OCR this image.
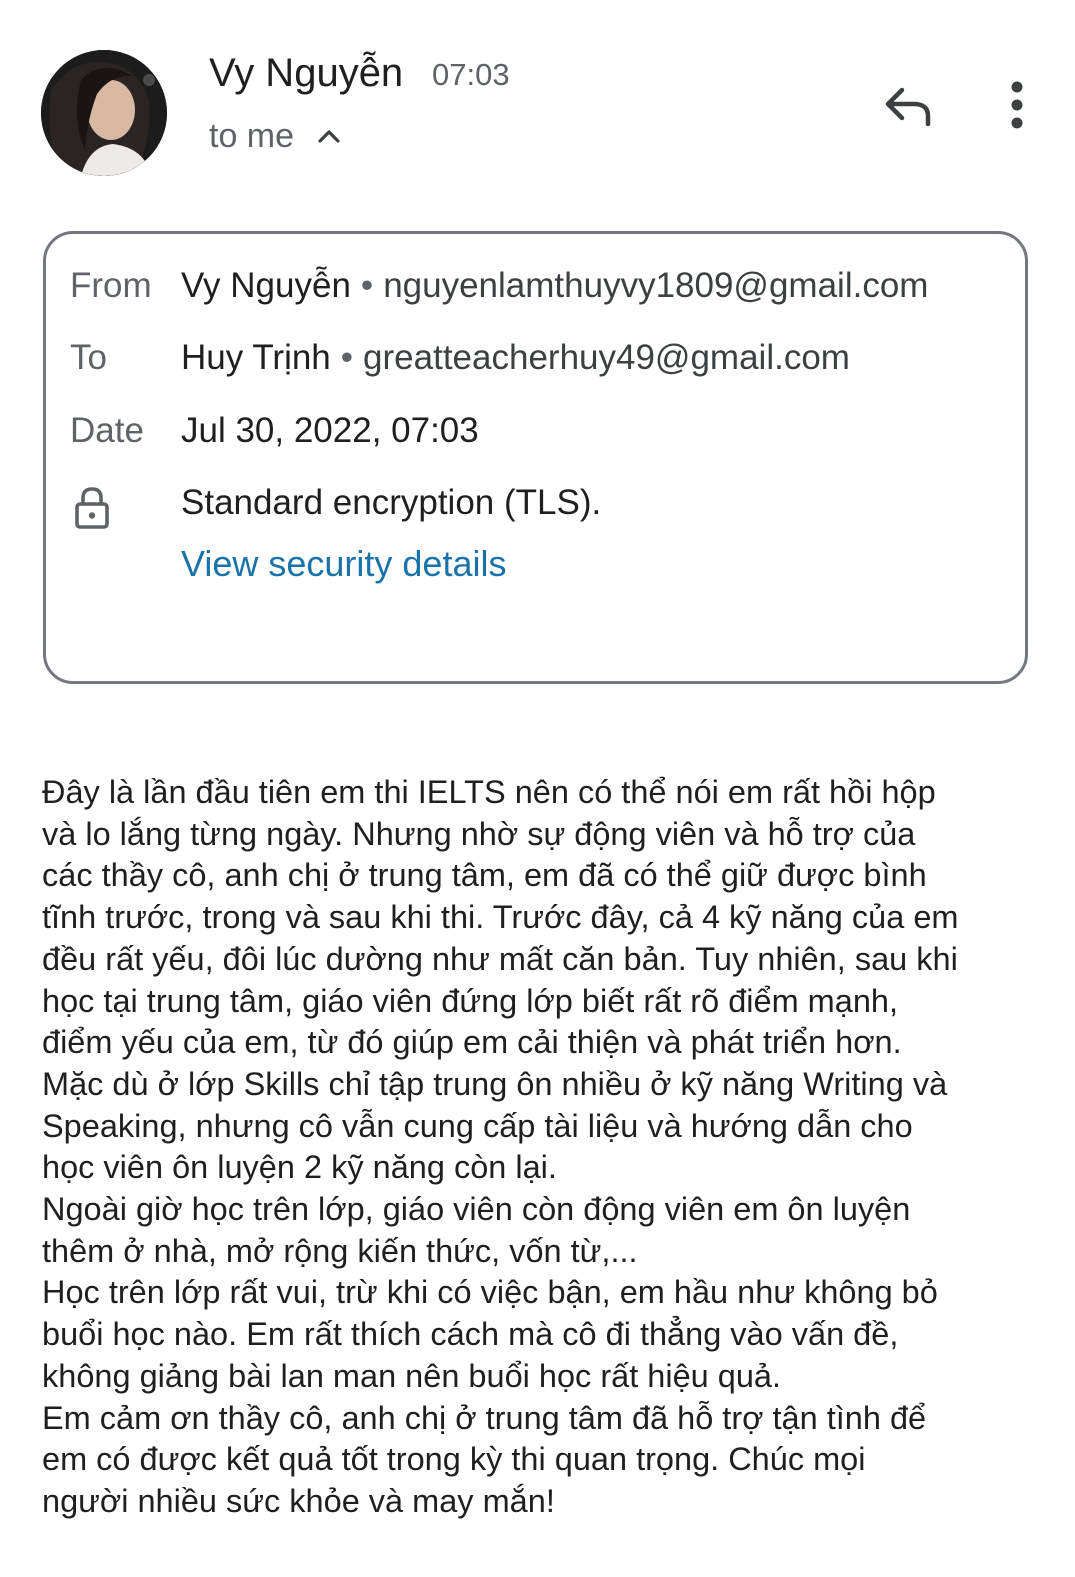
Vy Nguyễn 07:03
to me
From Vy Nguyễn • nguyenlamthuyvy1809@gmail.com
To Huy Trịnh • greatteacherhuy49@gmail.com
Date Jul 30, 2022, 07:03
Standard encryption (TLS).
View security details

Đây là lần đầu tiên em thi IELTS nên có thể nói em rất hồi hộp

và lo lắng từng ngày. Nhưng nhờ sự động viên và hỗ trợ của

các thầy cô, anh chị ở trung tâm, em đã có thể giữ được bình

tĩnh trước, trong và sau khi thi. Trước đây, cả 4 kỹ năng của em

đều rất yếu, đôi lúc dường như mất căn bản. Tuy nhiên, sau khi

học tại trung tâm, giáo viên đứng lớp biết rất rõ điểm mạnh,

điểm yếu của em, từ đó giúp em cải thiện và phát triển hơn.

Mặc dù ở lớp Skills chỉ tập trung ôn nhiều ở kỹ năng Writing và

Speaking, nhưng cô vẫn cung cấp tài liệu và hướng dẫn cho

học viên ôn luyện 2 kỹ năng còn lại.

Ngoài giờ học trên lớp, giáo viên còn động viên em ôn luyện

thêm ở nhà, mở rộng kiến thức, vốn từ,...

Học trên lớp rất vui, trừ khi có việc bận, em hầu như không bỏ

buổi học nào. Em rất thích cách mà cô đi thẳng vào vấn đề,

không giảng bài lan man nên buổi học rất hiệu quả.

Em cảm ơn thầy cô, anh chị ở trung tâm đã hỗ trợ tận tình để

em có được kết quả tốt trong kỳ thi quan trọng. Chúc mọi

người nhiều sức khỏe và may mắn!
